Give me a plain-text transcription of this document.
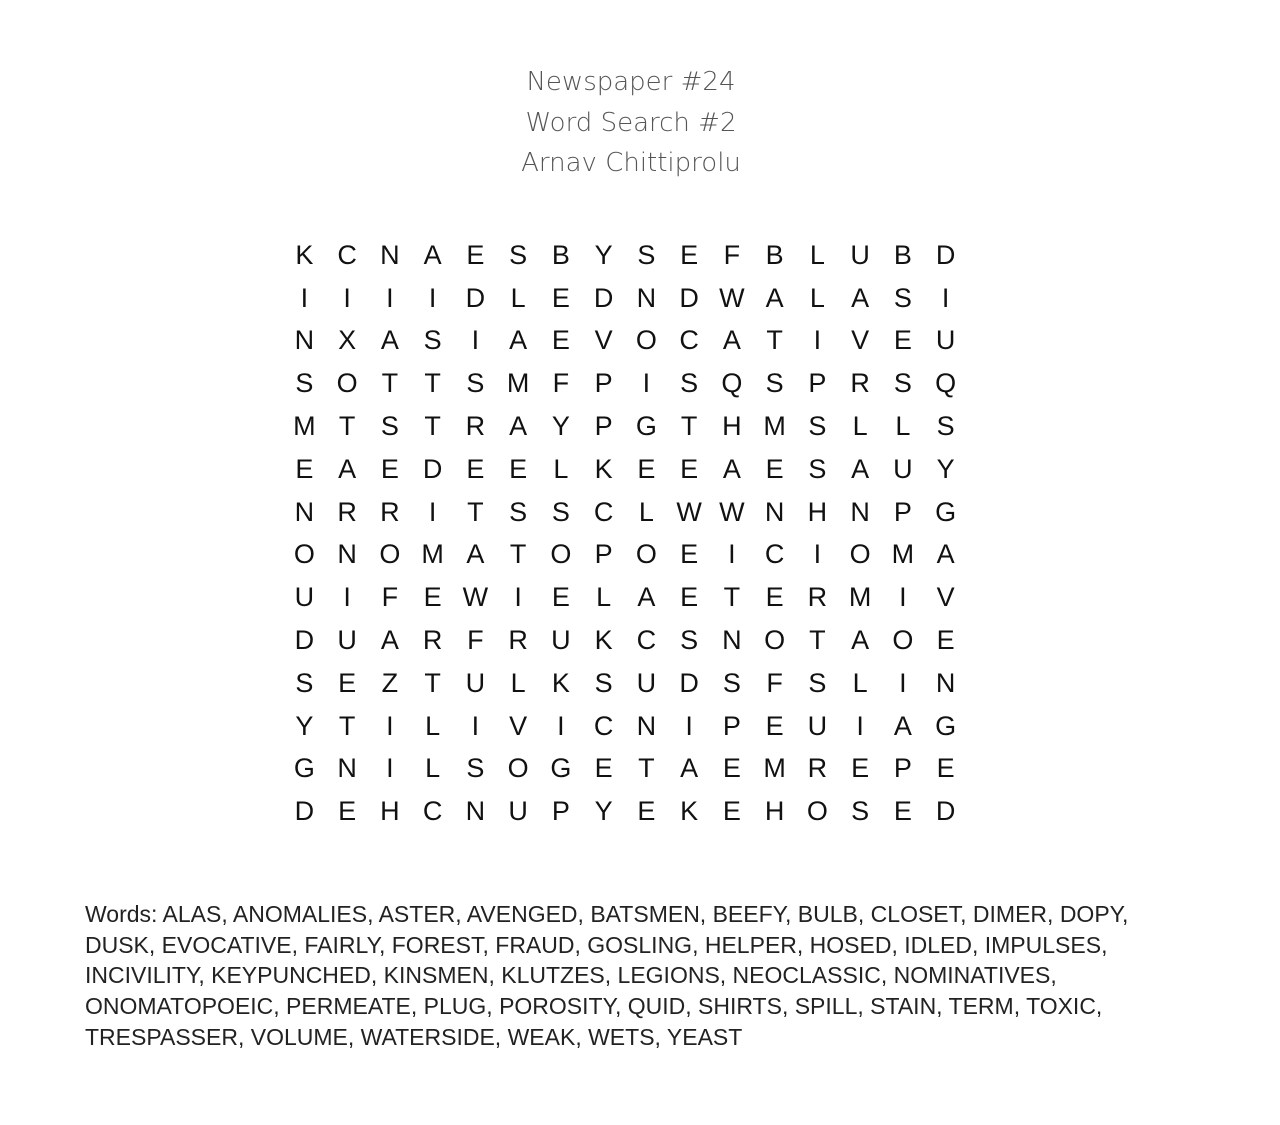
Newspaper #24
Word Search #2
Arnav Chittiprolu
K C N A E S B Y S E F B L U B D
I	I	I	I	D L E D N D W A L A S	I
N X A S	I	A E V O C A T	I	V E U
S O T T S M F P	I	S Q S P R S Q
M T S T R A Y P G T H M S L	L S
E A E D E E L K E E A E S A U Y
N R R	I	T S S C L W W N H N P G
O N O M A T O P O E	I	C	I	O M A
U	I	F E W I	E L A E T E R M	I	V
D U A R F R U K C S N O T A O E
S E Z T U L K S U D S F S L	I	N
Y T	I	L	I	V	I	C N	I	P E U	I	A G
G N	I	L S O G E T A E M R E P E
D E H C N U P Y E K E H O S E D
Words: ALAS, ANOMALIES, ASTER, AVENGED, BATSMEN, BEEFY, BULB, CLOSET, DIMER, DOPY, DUSK, EVOCATIVE, FAIRLY, FOREST, FRAUD, GOSLING, HELPER, HOSED, IDLED, IMPULSES, INCIVILITY, KEYPUNCHED, KINSMEN, KLUTZES, LEGIONS, NEOCLASSIC, NOMINATIVES, ONOMATOPOEIC, PERMEATE, PLUG, POROSITY, QUID, SHIRTS, SPILL, STAIN, TERM, TOXIC, TRESPASSER, VOLUME, WATERSIDE, WEAK, WETS, YEAST
